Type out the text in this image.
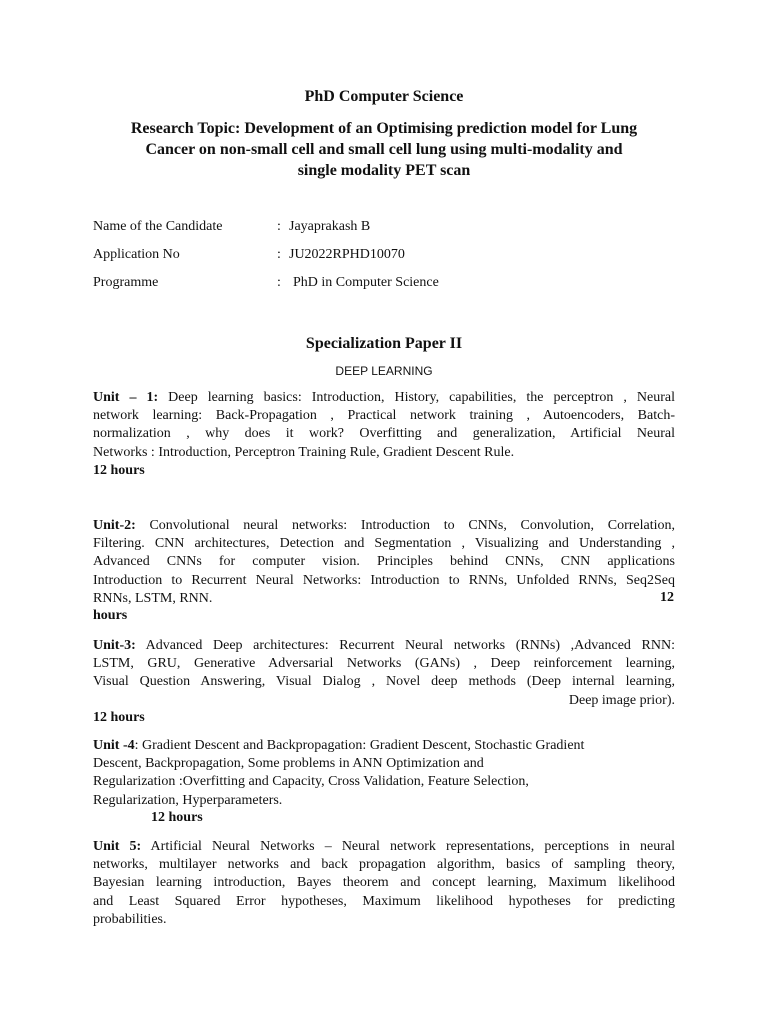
PhD Computer Science
Research Topic: Development of an Optimising prediction model for Lung
Cancer on non-small cell and small cell lung using multi-modality and
single modality PET scan
Name of the Candidate	: Jayaprakash B
Application No	: JU2022RPHD10070
Programme	: PhD in Computer Science
Specialization Paper II
DEEP LEARNING
Unit – 1: Deep learning basics: Introduction, History, capabilities, the perceptron , Neural
network learning: Back-Propagation , Practical network training , Autoencoders, Batch-
normalization , why does it work? Overfitting and generalization, Artificial Neural
Networks : Introduction, Perceptron Training Rule, Gradient Descent Rule.
12 hours
Unit-2: Convolutional neural networks: Introduction to CNNs, Convolution, Correlation,
Filtering. CNN architectures, Detection and Segmentation , Visualizing and Understanding ,
Advanced CNNs for computer vision. Principles behind CNNs, CNN applications
Introduction to Recurrent Neural Networks: Introduction to RNNs, Unfolded RNNs, Seq2Seq
RNNs, LSTM, RNN.	12
hours
Unit-3: Advanced Deep architectures: Recurrent Neural networks (RNNs) ,Advanced RNN:
LSTM, GRU, Generative Adversarial Networks (GANs) , Deep reinforcement learning,
Visual Question Answering, Visual Dialog , Novel deep methods (Deep internal learning,
Deep image prior).
12 hours
Unit -4: Gradient Descent and Backpropagation: Gradient Descent, Stochastic Gradient
Descent, Backpropagation, Some problems in ANN Optimization and
Regularization :Overfitting and Capacity, Cross Validation, Feature Selection,
Regularization, Hyperparameters.
12 hours
Unit 5: Artificial Neural Networks – Neural network representations, perceptions in neural
networks, multilayer networks and back propagation algorithm, basics of sampling theory,
Bayesian learning introduction, Bayes theorem and concept learning, Maximum likelihood
and Least Squared Error hypotheses, Maximum likelihood hypotheses for predicting
probabilities.
